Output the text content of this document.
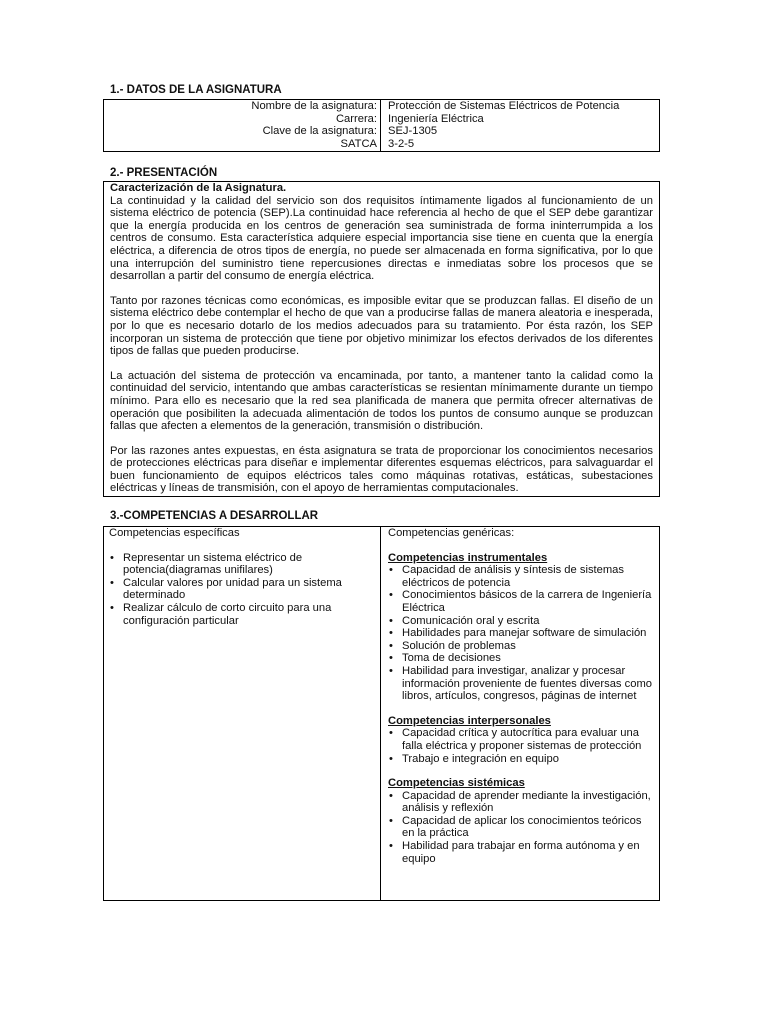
1.- DATOS DE LA ASIGNATURA
Nombre de la asignatura: Protección de Sistemas Eléctricos de Potencia
Carrera: Ingeniería Eléctrica
Clave de la asignatura: SEJ-1305
SATCA 3-2-5
2.- PRESENTACIÓN
Caracterización de la Asignatura.

La continuidad y la calidad del servicio son dos requisitos íntimamente ligados al funcionamiento de un sistema eléctrico de potencia (SEP).La continuidad hace referencia al hecho de que el SEP debe garantizar que la energía producida en los centros de generación sea suministrada de forma ininterrumpida a los centros de consumo. Esta característica adquiere especial importancia sise tiene en cuenta que la energía eléctrica, a diferencia de otros tipos de energía, no puede ser almacenada en forma significativa, por lo que una interrupción del suministro tiene repercusiones directas e inmediatas sobre los procesos que se desarrollan a partir del consumo de energía eléctrica.

Tanto por razones técnicas como económicas, es imposible evitar que se produzcan fallas. El diseño de un sistema eléctrico debe contemplar el hecho de que van a producirse fallas de manera aleatoria e inesperada, por lo que es necesario dotarlo de los medios adecuados para su tratamiento. Por ésta razón, los SEP incorporan un sistema de protección que tiene por objetivo minimizar los efectos derivados de los diferentes tipos de fallas que pueden producirse.

La actuación del sistema de protección va encaminada, por tanto, a mantener tanto la calidad como la continuidad del servicio, intentando que ambas características se resientan mínimamente durante un tiempo mínimo. Para ello es necesario que la red sea planificada de manera que permita ofrecer alternativas de operación que posibiliten la adecuada alimentación de todos los puntos de consumo aunque se produzcan fallas que afecten a elementos de la generación, transmisión o distribución.

Por las razones antes expuestas, en ésta asignatura se trata de proporcionar los conocimientos necesarios de protecciones eléctricas para diseñar e implementar diferentes esquemas eléctricos, para salvaguardar el buen funcionamiento de equipos eléctricos tales como máquinas rotativas, estáticas, subestaciones eléctricas y líneas de transmisión, con el apoyo de herramientas computacionales.

3.-COMPETENCIAS A DESARROLLAR
Competencias específicas
• Representar un sistema eléctrico de potencia(diagramas unifilares)
• Calcular valores por unidad para un sistema determinado
• Realizar cálculo de corto circuito para una configuración particular
Competencias genéricas:
Competencias instrumentales
• Capacidad de análisis y síntesis de sistemas eléctricos de potencia
• Conocimientos básicos de la carrera de Ingeniería Eléctrica
• Comunicación oral y escrita
• Habilidades para manejar software de simulación
• Solución de problemas
• Toma de decisiones
• Habilidad para investigar, analizar y procesar información proveniente de fuentes diversas como libros, artículos, congresos, páginas de internet
Competencias interpersonales
• Capacidad crítica y autocrítica para evaluar una falla eléctrica y proponer sistemas de protección
• Trabajo e integración en equipo
Competencias sistémicas
• Capacidad de aprender mediante la investigación, análisis y reflexión
• Capacidad de aplicar los conocimientos teóricos en la práctica
• Habilidad para trabajar en forma autónoma y en equipo
